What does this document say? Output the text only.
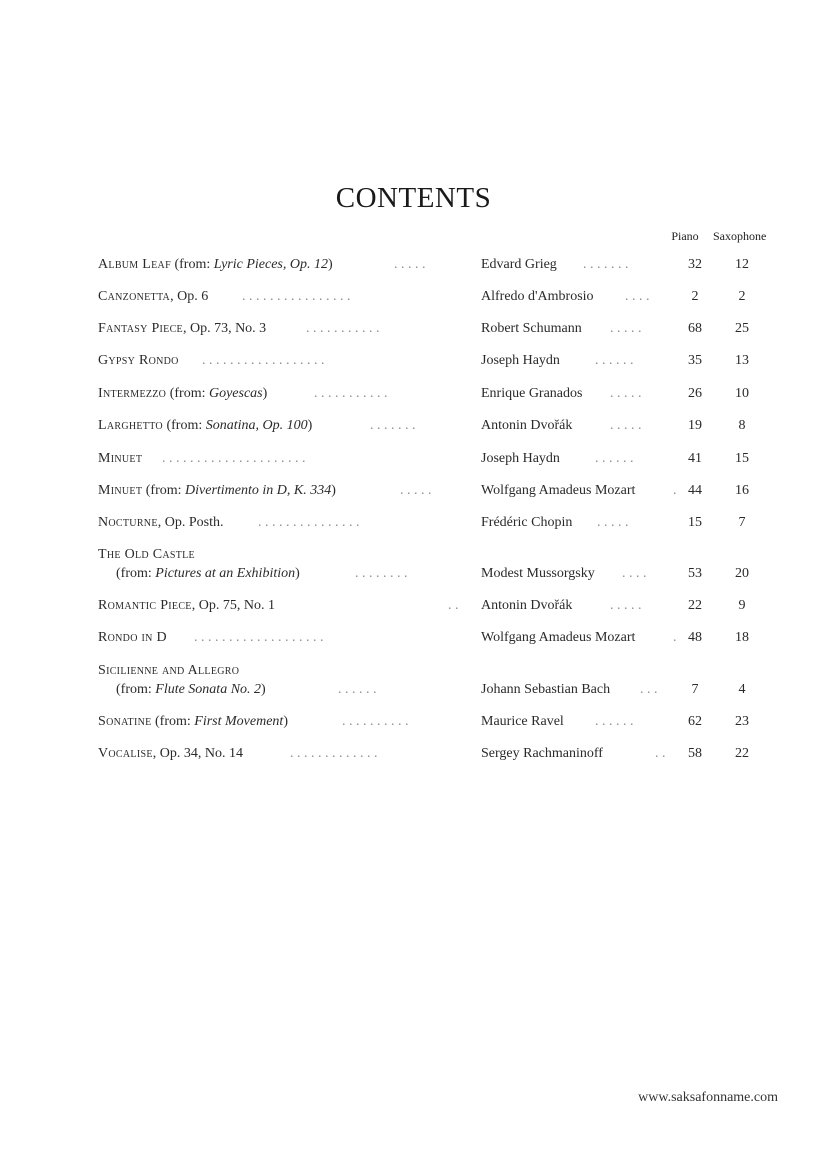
CONTENTS
Piano Saxophone
Album Leaf (from: Lyric Pieces, Op. 12)	. . . . .	Edvard Grieg . . . . . . .	32	12
Canzonetta, Op. 6 . . . . . . . . . . . . . . . .	Alfredo d'Ambrosio . . . .	2	2
Fantasy Piece, Op. 73, No. 3	. . . . . . . . . . .	Robert Schumann . . . . .	68	25
Gypsy Rondo . . . . . . . . . . . . . . . . . .	Joseph Haydn	. . . . . .	35	13
Intermezzo (from: Goyescas)	. . . . . . . . . . .	Enrique Granados . . . . .	26	10
Larghetto (from: Sonatina, Op. 100)	. . . . . . .	Antonin Dvořák	. . . . .	19	8
Minuet . . . . . . . . . . . . . . . . . . . . .	Joseph Haydn	. . . . . .	41	15
Minuet (from: Divertimento in D, K. 334)	. . . . .	Wolfgang Amadeus Mozart	. 44	16
Nocturne, Op. Posth. . . . . . . . . . . . . . . .	Frédéric Chopin . . . . .	15	7
The Old Castle
(from: Pictures at an Exhibition)	. . . . . . . .	Modest Mussorgsky . . . .	53	20
Romantic Piece, Op. 75, No. 1	. . Antonin Dvořák	. . . . .	22	9
Rondo in D . . . . . . . . . . . . . . . . . . .	Wolfgang Amadeus Mozart	. 48	18
Sicilienne and Allegro
(from: Flute Sonata No. 2)	. . . . . .	Johann Sebastian Bach . . .	7	4
Sonatine (from: First Movement)	. . . . . . . . . .	Maurice Ravel . . . . . .	62	23
Vocalise, Op. 34, No. 14	. . . . . . . . . . . . .	Sergey Rachmaninoff	. .	58	22
www.saksafonname.com
